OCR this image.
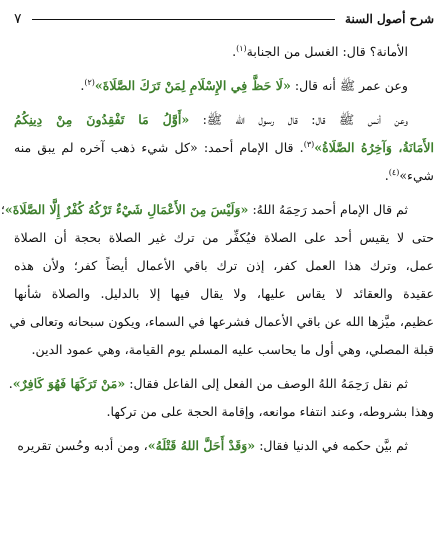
شرح أصول السنة
٧
الأمانة؟ قال: الغسل من الجنابة$^{(١)}$.
وعن عمر ﷺ أنه قال: «لَا حَظَّ فِي الإِسْلَامِ لِمَنْ تَرَكَ الصَّلَاةَ»$^{(٢)}$.
وعن أنس ﷺ قال: قال رسول الله ﷺ: «أَوَّلُ مَا تَفْقِدُونَ مِنْ دِينِكُمُ
الأَمَانَةُ، وَآخِرُهُ الصَّلَاةُ»$^{(٣)}$. قال الإمام أحمد: «كل شيء ذهب آخره لم يبق منه
شيء»$^{(٤)}$.
ثم قال الإمام أحمد رَحِمَهُ اللهُ: «وَلَيْسَ مِنَ الأَعْمَالِ شَيْءٌ تَرْكُهُ كُفْرٌ إِلَّا الصَّلَاةَ»؛
حتى لا يقيس أحد على الصلاة فيُكفِّر من ترك غير الصلاة بحجة أن الصلاة
عمل، وترك هذا العمل كفر، إذن ترك باقي الأعمال أيضاً كفر؛ ولأن هذه
عقيدة والعقائد لا يقاس عليها، ولا يقال فيها إلا بالدليل. والصلاة شأنها
عظيم، ميَّزها الله عن باقي الأعمال فشرعها في السماء، ويكون سبحانه وتعالى في
قبلة المصلي، وهي أول ما يحاسب عليه المسلم يوم القيامة، وهي عمود الدين.
ثم نقل رَحِمَهُ اللهُ الوصف من الفعل إلى الفاعل فقال: «مَنْ تَرَكَهَا فَهُوَ كَافِرٌ».
وهذا بشروطه، وعند انتفاء موانعه، وإقامة الحجة على من تركها.
ثم بيَّن حكمه في الدنيا فقال: «وَقَدْ أَحَلَّ اللهُ قَتْلَهُ»، ومن أدبه وحُسن تقريره
